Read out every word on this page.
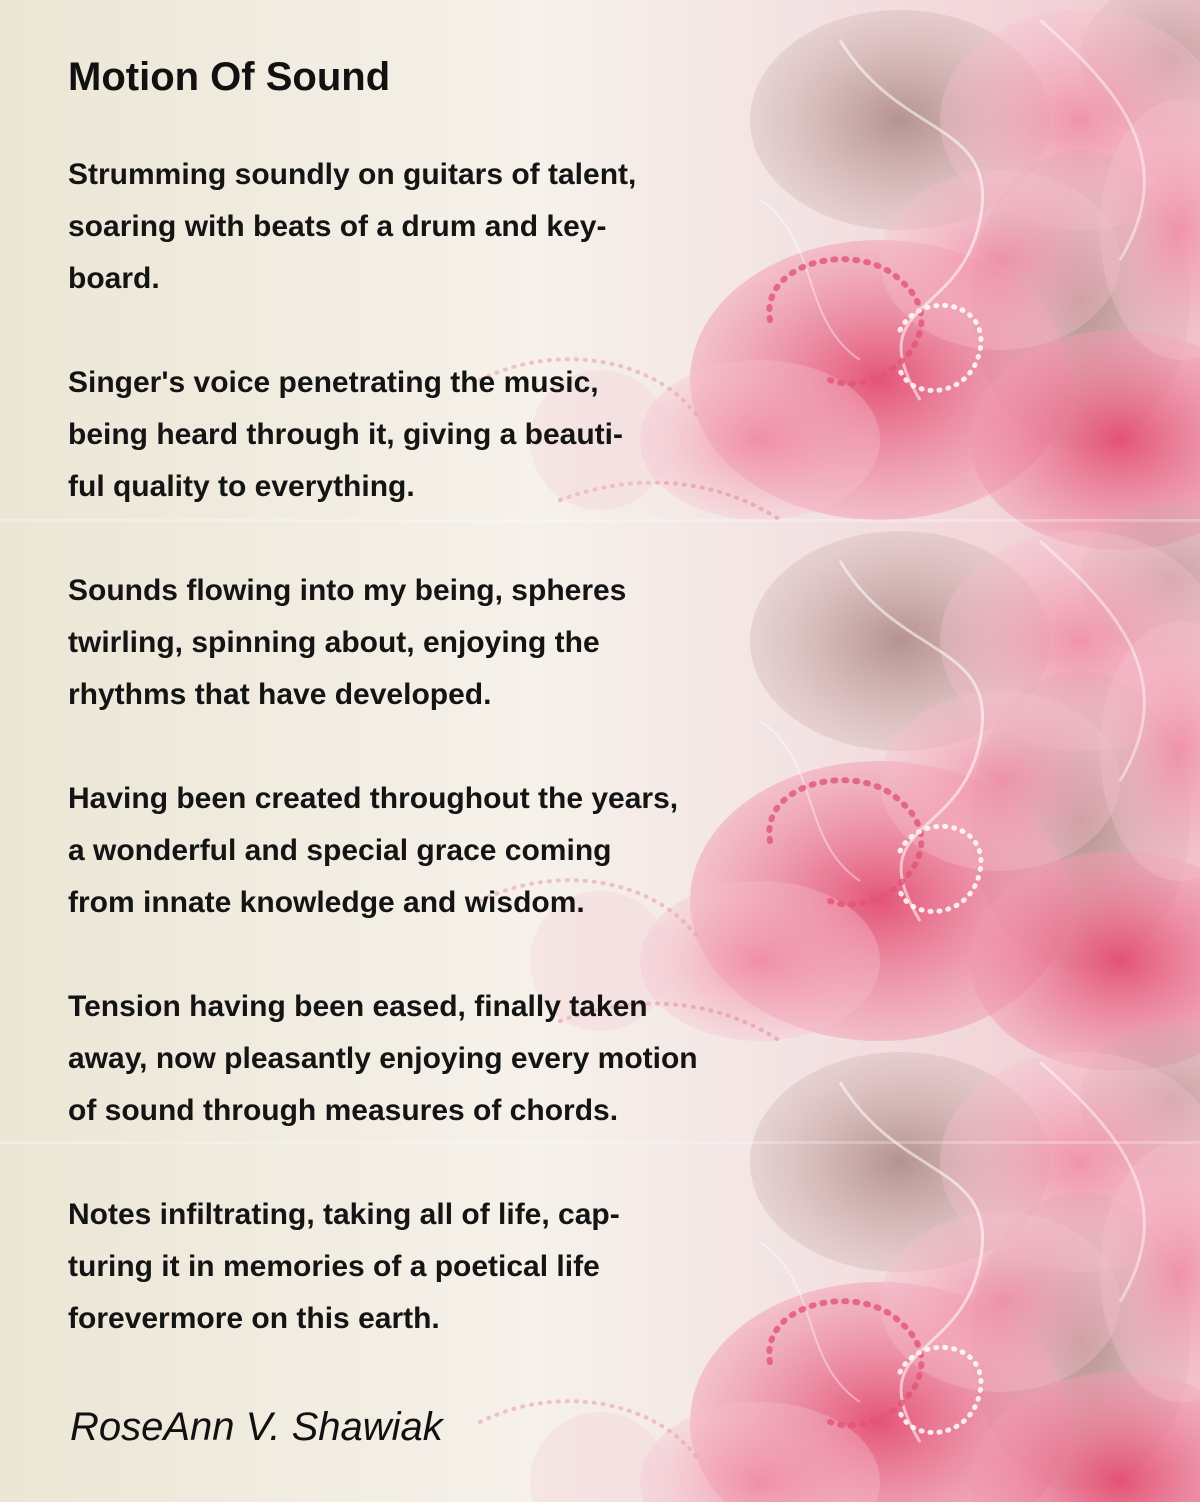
Motion Of Sound
Strumming soundly on guitars of talent,
soaring with beats of a drum and key-
board.
Singer's voice penetrating the music,
being heard through it, giving a beauti-
ful quality to everything.
Sounds flowing into my being, spheres
twirling, spinning about, enjoying the
rhythms that have developed.
Having been created throughout the years,
a wonderful and special grace coming
from innate knowledge and wisdom.
Tension having been eased, finally taken
away, now pleasantly enjoying every motion
of sound through measures of chords.
Notes infiltrating, taking all of life, cap-
turing it in memories of a poetical life
forevermore on this earth.
RoseAnn V. Shawiak
